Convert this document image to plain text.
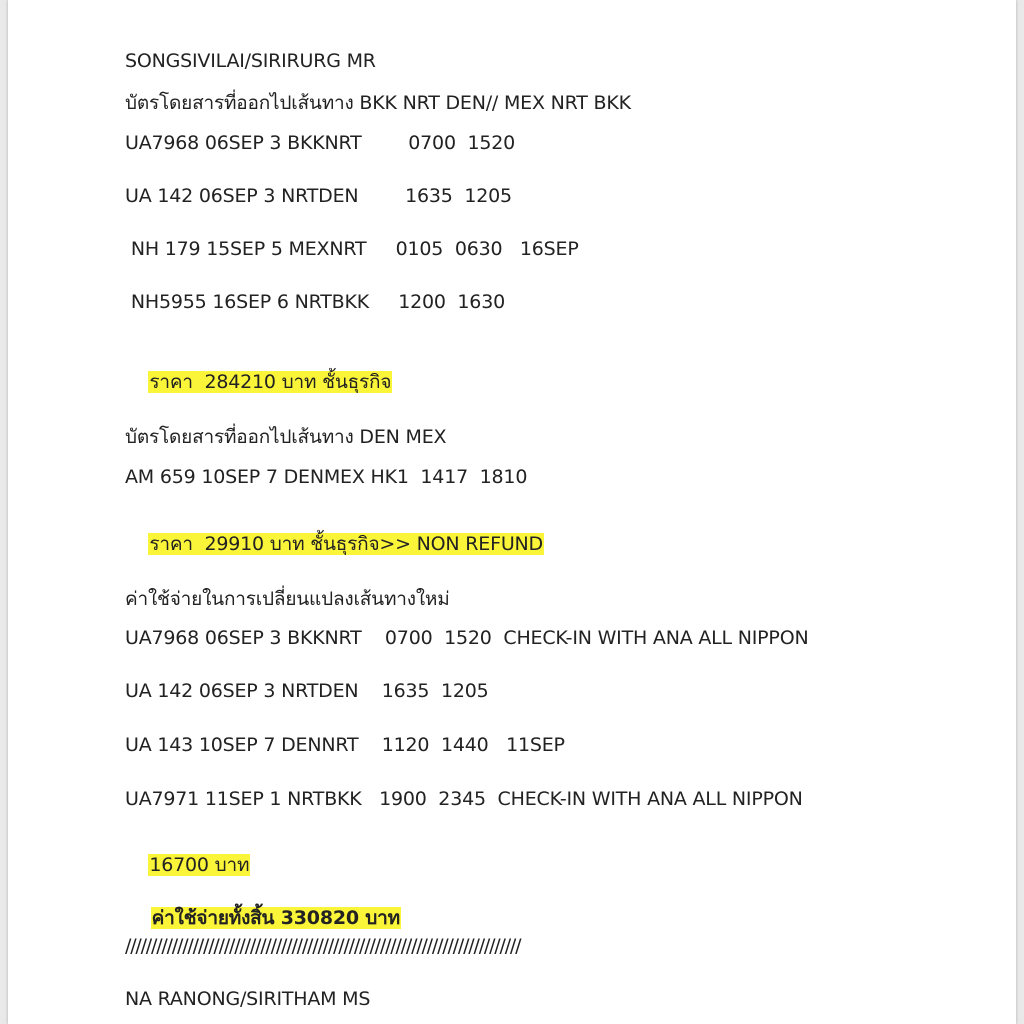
SONGSIVILAI/SIRIRURG MR
บัตรโดยสารที่ออกไปเส้นทาง BKK NRT DEN// MEX NRT BKK
UA7968 06SEP 3 BKKNRT        0700  1520
UA 142 06SEP 3 NRTDEN        1635  1205
NH 179 15SEP 5 MEXNRT     0105  0630   16SEP
NH5955 16SEP 6 NRTBKK     1200  1630

ราคา  284210 บาท ชั้นธุรกิจ

บัตรโดยสารที่ออกไปเส้นทาง DEN MEX
AM 659 10SEP 7 DENMEX HK1  1417  1810

ราคา  29910 บาท ชั้นธุรกิจ>> NON REFUND

ค่าใช้จ่ายในการเปลี่ยนแปลงเส้นทางใหม่
UA7968 06SEP 3 BKKNRT    0700  1520  CHECK-IN WITH ANA ALL NIPPON
UA 142 06SEP 3 NRTDEN    1635  1205
UA 143 10SEP 7 DENNRT    1120  1440   11SEP
UA7971 11SEP 1 NRTBKK   1900  2345  CHECK-IN WITH ANA ALL NIPPON

16700 บาท

ค่าใช้จ่ายทั้งสิ้น 330820 บาท

////////////////////////////////////////////////////////////////////////////
NA RANONG/SIRITHAM MS
